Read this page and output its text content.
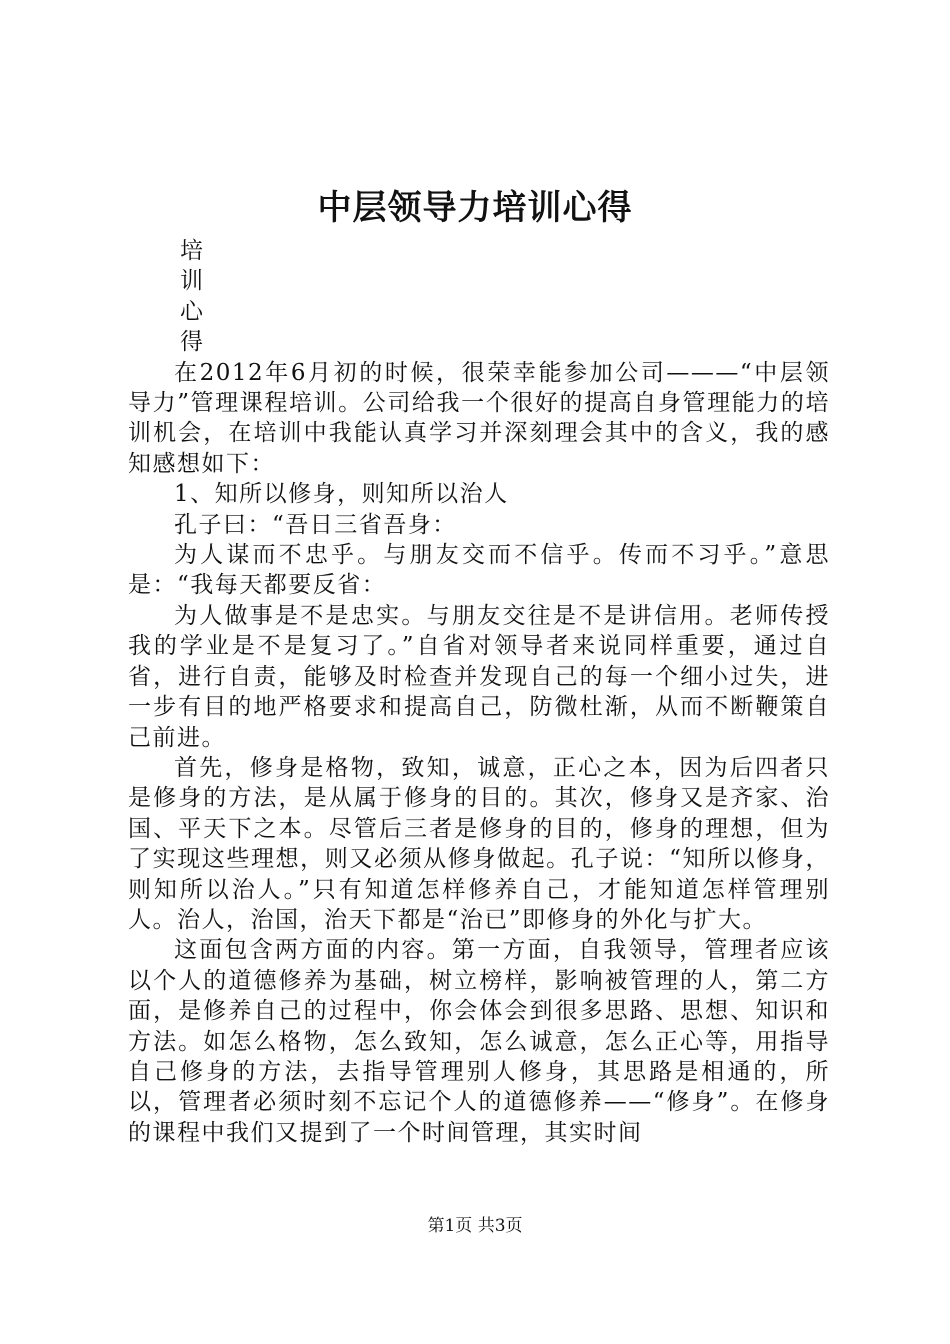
中层领导力培训心得
培
训
心
得

在2012年6月初的时候，很荣幸能参加公司———“中层领导力”管理课程培训。公司给我一个很好的提高自身管理能力的培训机会，在培训中我能认真学习并深刻理会其中的含义，我的感知感想如下：

1、知所以修身，则知所以治人

孔子曰：“吾日三省吾身：

为人谋而不忠乎。与朋友交而不信乎。传而不习乎。”意思是：“我每天都要反省：

为人做事是不是忠实。与朋友交往是不是讲信用。老师传授我的学业是不是复习了。”自省对领导者来说同样重要，通过自省，进行自责，能够及时检查并发现自己的每一个细小过失，进一步有目的地严格要求和提高自己，防微杜渐，从而不断鞭策自己前进。

首先，修身是格物，致知，诚意，正心之本，因为后四者只是修身的方法，是从属于修身的目的。其次，修身又是齐家、治国、平天下之本。尽管后三者是修身的目的，修身的理想，但为了实现这些理想，则又必须从修身做起。孔子说：“知所以修身，则知所以治人。”只有知道怎样修养自己，才能知道怎样管理别人。治人，治国，治天下都是“治已”即修身的外化与扩大。

这面包含两方面的内容。第一方面，自我领导，管理者应该以个人的道德修养为基础，树立榜样，影响被管理的人，第二方面，是修养自己的过程中，你会体会到很多思路、思想、知识和方法。如怎么格物，怎么致知，怎么诚意，怎么正心等，用指导自己修身的方法，去指导管理别人修身，其思路是相通的，所以，管理者必须时刻不忘记个人的道德修养——“修身”。在修身的课程中我们又提到了一个时间管理，其实时间

第1页 共3页
